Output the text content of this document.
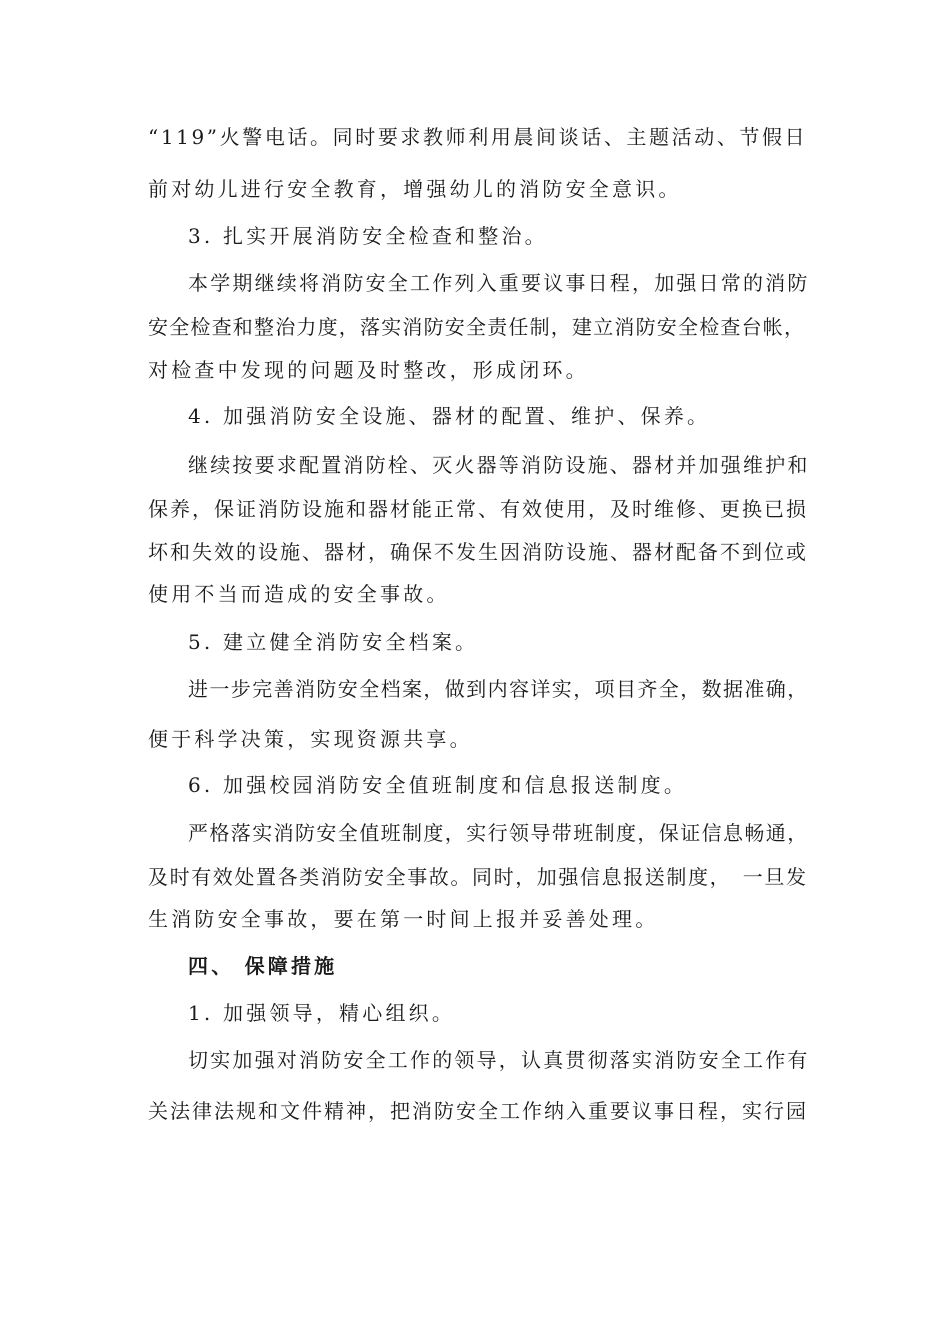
“119”火警电话。同时要求教师利用晨间谈话、主题活动、节假日
前对幼儿进行安全教育，增强幼儿的消防安全意识。
3. 扎实开展消防安全检查和整治。
本学期继续将消防安全工作列入重要议事日程，加强日常的消防
安全检查和整治力度，落实消防安全责任制，建立消防安全检查台帐，
对检查中发现的问题及时整改，形成闭环。
4. 加强消防安全设施、器材的配置、维护、保养。
继续按要求配置消防栓、灭火器等消防设施、器材并加强维护和
保养，保证消防设施和器材能正常、有效使用，及时维修、更换已损
坏和失效的设施、器材，确保不发生因消防设施、器材配备不到位或
使用不当而造成的安全事故。
5. 建立健全消防安全档案。
进一步完善消防安全档案，做到内容详实，项目齐全，数据准确，
便于科学决策，实现资源共享。
6. 加强校园消防安全值班制度和信息报送制度。
严格落实消防安全值班制度，实行领导带班制度，保证信息畅通，
及时有效处置各类消防安全事故。同时，加强信息报送制度，　一旦发
生消防安全事故，要在第一时间上报并妥善处理。
四、 保障措施
1. 加强领导，精心组织。
切实加强对消防安全工作的领导，认真贯彻落实消防安全工作有
关法律法规和文件精神，把消防安全工作纳入重要议事日程，实行园
